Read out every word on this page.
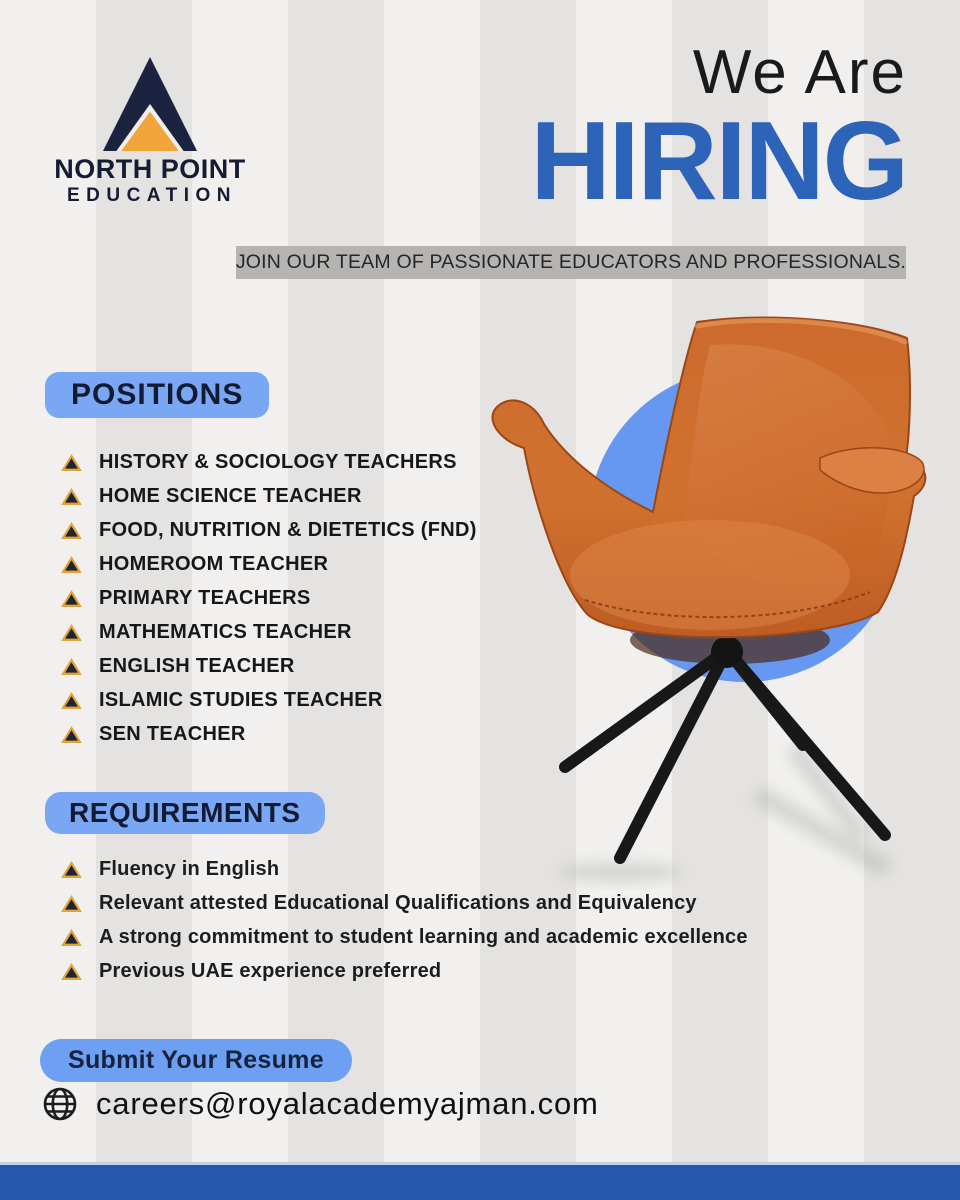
NORTH POINT
EDUCATION
We Are
HIRING
JOIN OUR TEAM OF PASSIONATE EDUCATORS AND PROFESSIONALS.
POSITIONS
HISTORY & SOCIOLOGY TEACHERS
HOME SCIENCE TEACHER
FOOD, NUTRITION & DIETETICS (FND)
HOMEROOM TEACHER
PRIMARY TEACHERS
MATHEMATICS TEACHER
ENGLISH TEACHER
ISLAMIC STUDIES TEACHER
SEN TEACHER
REQUIREMENTS
Fluency in English
Relevant attested Educational Qualifications and Equivalency
A strong commitment to student learning and academic excellence
Previous UAE experience preferred
Submit Your Resume
careers@royalacademyajman.com
